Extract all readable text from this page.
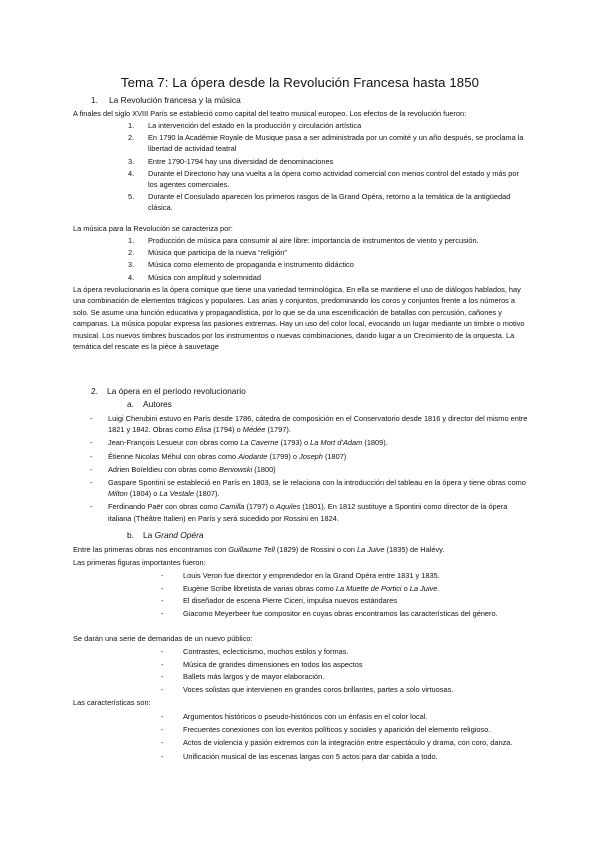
Tema 7: La ópera desde la Revolución Francesa hasta 1850
1. La Revolución francesa y la música
A finales del siglo XVIII París se estableció como capital del teatro musical europeo. Los efectos de la revolución fueron:
1. La intervención del estado en la producción y circulación artística
2. En 1790 la Académie Royale de Musique pasa a ser administrada por un comité y un año después, se proclama la libertad de actividad teatral
3. Entre 1790-1794 hay una diversidad de denominaciones
4. Durante el Directorio hay una vuelta a la ópera como actividad comercial con menos control del estado y más por los agentes comerciales.
5. Durante el Consulado aparecen los primeros rasgos de la Grand Opéra, retorno a la temática de la antigüedad clásica.
La música para la Revolución se caracteriza por:
1. Producción de música para consumir al aire libre: importancia de instrumentos de viento y percusión.
2. Música que participa de la nueva “religión”
3. Música como elemento de propaganda e instrumento didáctico
4. Música con amplitud y solemnidad
La ópera revolucionaria es la ópera comique que tiene una variedad terminológica. En ella se mantiene el uso de diálogos hablados, hay una combinación de elementos trágicos y populares. Las arias y conjuntos, predominando los coros y conjuntos frente a los números a solo. Se asume una función educativa y propagandística, por lo que se da una escenificación de batallas con percusión, cañones y campanas. La música popular expresa las pasiones extremas. Hay un uso del color local, evocando un lugar mediante un timbre o motivo musical. Los nuevos timbres buscados por los instrumentos o nuevas combinaciones, dando lugar a un Crecimiento de la orquesta. La temática del rescate es la pièce à sauvetage
2. La ópera en el período revolucionario
a. Autores
- Luigi Cherubini estuvo en París desde 1786, cátedra de composición en el Conservatorio desde 1816 y director del mismo entre 1821 y 1842. Obras como Elisa (1794) o Médée (1797).
- Jean-François Lesueur con obras como La Caverne (1793) o La Mort d’Adam (1809).
- Étienne Nicolas Méhul con obras como Aiodante (1799) o Joseph (1807)
- Adrien Boïeldieu con obras como Beniowski (1800)
- Gaspare Spontini se estableció en París en 1803, se le relaciona con la introducción del tableau en la ópera y tiene obras como Milton (1804) o La Vestale (1807).
- Ferdinando Paër con obras como Camilla (1797) o Aquiles (1801). En 1812 sustituye a Spontini como director de la ópera italiana (Théâtre Italien) en París y será sucedido por Rossini en 1824.
b. La Grand Opéra
Entre las primeras obras nos encontramos con Guillaume Tell (1829) de Rossini o con La Juive (1835) de Halévy.
Las primeras figuras importantes fueron:
-	Louis Veron fue director y emprendedor en la Grand Opéra entre 1831 y 1835.
-	Eugène Scribe libretista de varias obras como La Muette de Portici o La Juive.
-	El diseñador de escena Pierre Ciceri, impulsa nuevos estándares
-	Giacomo Meyerbeer fue compositor en cuyas obras encontramos las características del género.
Se darán una serie de demandas de un nuevo público:
-	Contrastes, eclecticismo, muchos estilos y formas.
-	Música de grandes dimensiones en todos los aspectos
-	Ballets más largos y de mayor elaboración.
-	Voces solistas que intervienen en grandes coros brillantes, partes a solo virtuosas.
Las características son:
-	Argumentos históricos o pseudo-históricos con un énfasis en el color local.
-	Frecuentes conexiones con los eventos políticos y sociales y aparición del elemento religioso.
-	Actos de violencia y pasión extremos con la integración entre espectáculo y drama, con coro, danza.
-	Unificación musical de las escenas largas con 5 actos para dar cabida a todo.
